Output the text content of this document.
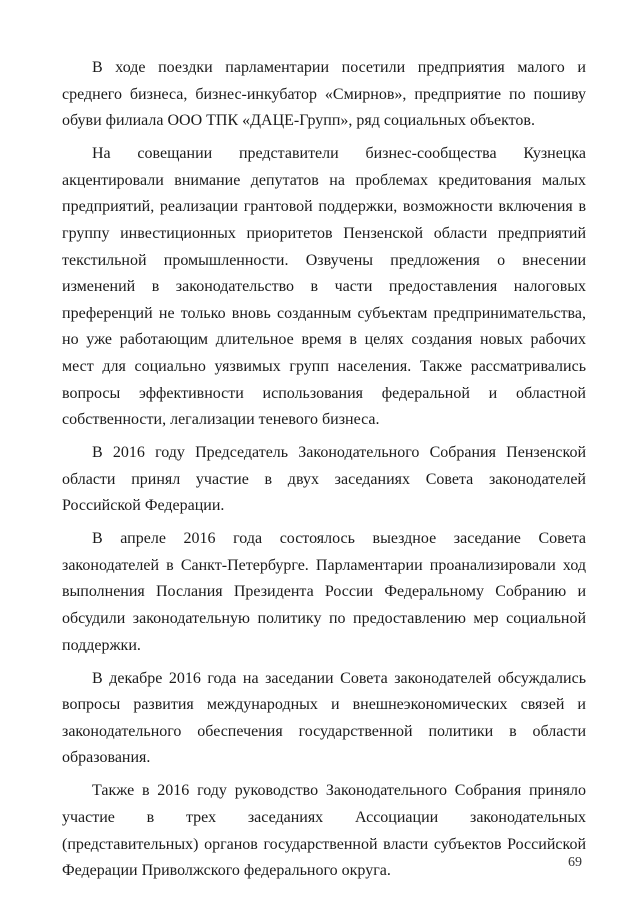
В ходе поездки парламентарии посетили предприятия малого и среднего бизнеса, бизнес-инкубатор «Смирнов», предприятие по пошиву обуви филиала ООО ТПК «ДАЦЕ-Групп», ряд социальных объектов.

На совещании представители бизнес-сообщества Кузнецка акцентировали внимание депутатов на проблемах кредитования малых предприятий, реализации грантовой поддержки, возможности включения в группу инвестиционных приоритетов Пензенской области предприятий текстильной промышленности. Озвучены предложения о внесении изменений в законодательство в части предоставления налоговых преференций не только вновь созданным субъектам предпринимательства, но уже работающим длительное время в целях создания новых рабочих мест для социально уязвимых групп населения. Также рассматривались вопросы эффективности использования федеральной и областной собственности, легализации теневого бизнеса.

В 2016 году Председатель Законодательного Собрания Пензенской области принял участие в двух заседаниях Совета законодателей Российской Федерации.

В апреле 2016 года состоялось выездное заседание Совета законодателей в Санкт-Петербурге. Парламентарии проанализировали ход выполнения Послания Президента России Федеральному Собранию и обсудили законодательную политику по предоставлению мер социальной поддержки.

В декабре 2016 года на заседании Совета законодателей обсуждались вопросы развития международных и внешнеэкономических связей и законодательного обеспечения государственной политики в области образования.

Также в 2016 году руководство Законодательного Собрания приняло участие в трех заседаниях Ассоциации законодательных (представительных) органов государственной власти субъектов Российской Федерации Приволжского федерального округа.	69
